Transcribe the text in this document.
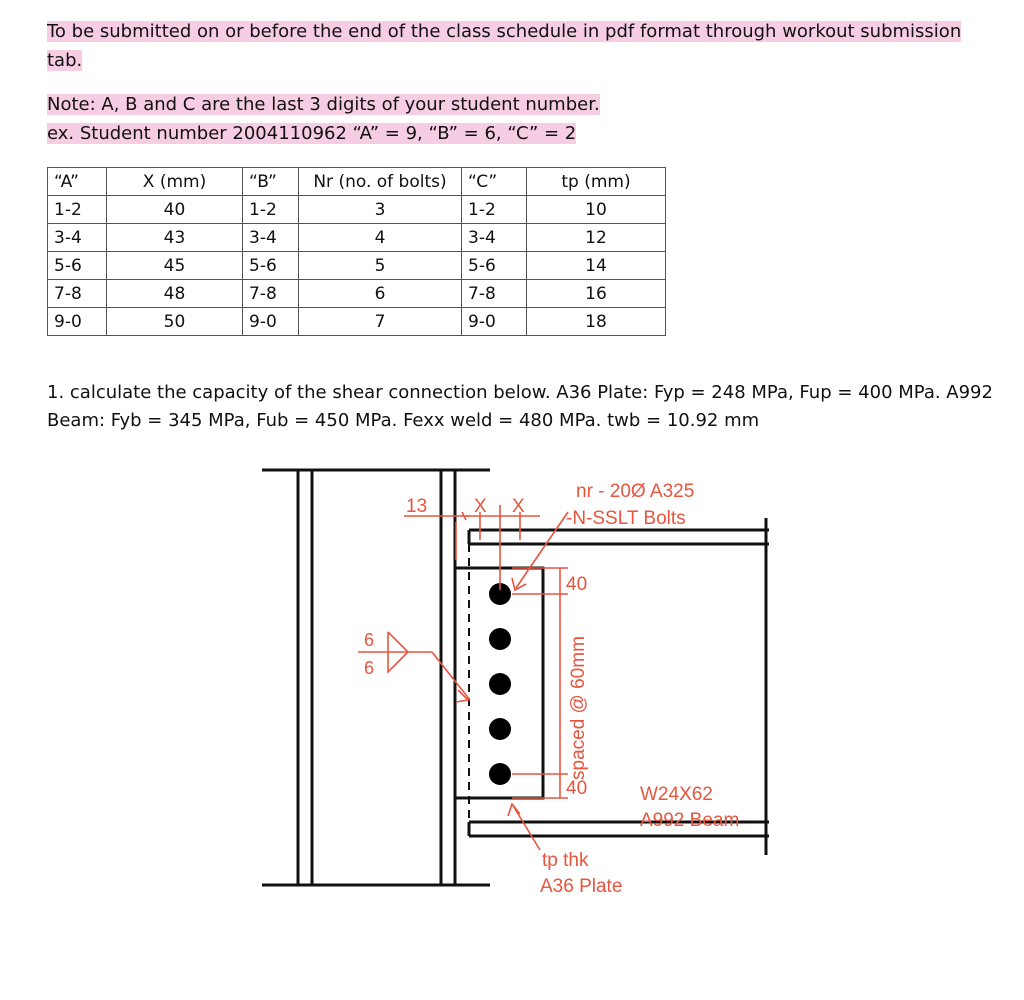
To be submitted on or before the end of the class schedule in pdf format through workout submission
tab.
Note: A, B and C are the last 3 digits of your student number.
ex. Student number 2004110962 “A” = 9, “B” = 6, “C” = 2
“A”	X (mm)	“B”	Nr (no. of bolts)	“C”	tp (mm)
1-2	40	1-2	3	1-2	10
3-4	43	3-4	4	3-4	12
5-6	45	5-6	5	5-6	14
7-8	48	7-8	6	7-8	16
9-0	50	9-0	7	9-0	18
1. calculate the capacity of the shear connection below. A36 Plate: Fyp = 248 MPa, Fup = 400 MPa. A992
Beam: Fyb = 345 MPa, Fub = 450 MPa. Fexx weld = 480 MPa. twb = 10.92 mm
13 X X
nr - 20Ø A325
-N-SSLT Bolts
40
40
spaced @ 60mm
6
6
W24X62
A992 Beam
tp thk
A36 Plate
